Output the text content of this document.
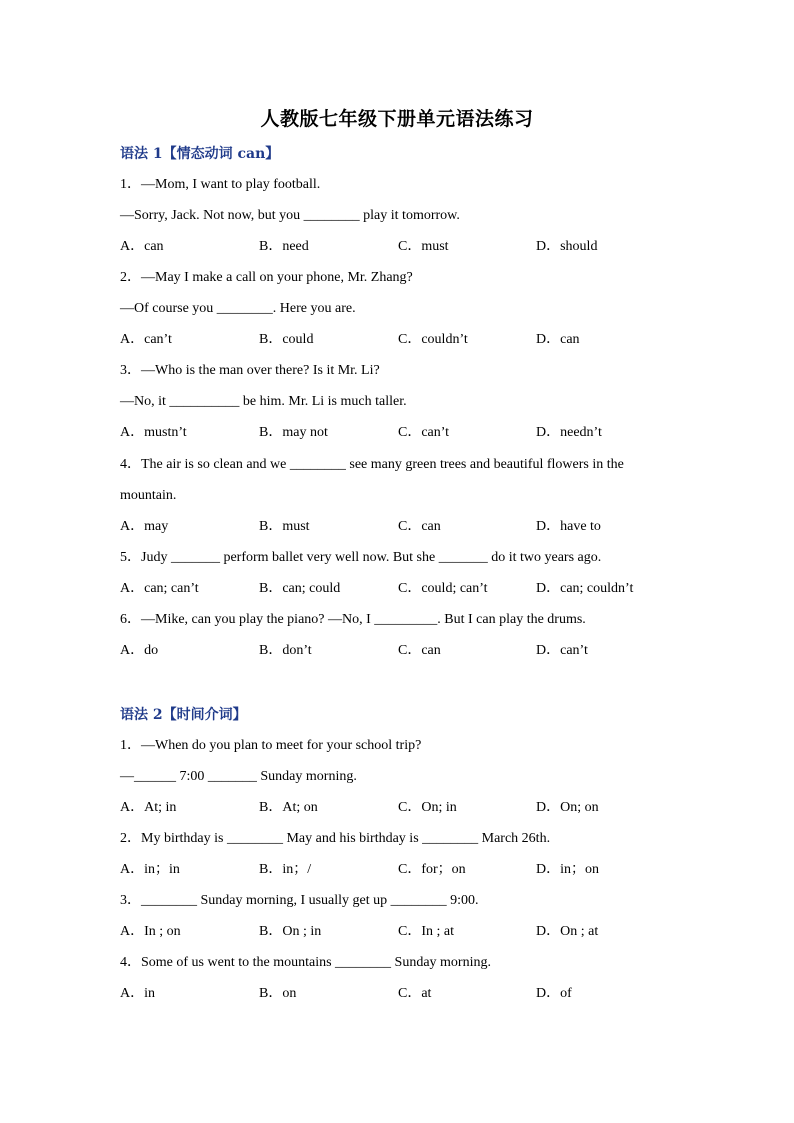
人教版七年级下册单元语法练习
语法 1【情态动词 can】
1．—Mom, I want to play football.
—Sorry, Jack. Not now, but you ________ play it tomorrow.
A．can	B．need	C．must	D．should
2．—May I make a call on your phone, Mr. Zhang?
—Of course you ________. Here you are.
A．can’t	B．could	C．couldn’t	D．can
3．—Who is the man over there? Is it Mr. Li?
—No, it __________ be him. Mr. Li is much taller.
A．mustn’t	B．may not	C．can’t	D．needn’t
4．The air is so clean and we ________ see many green trees and beautiful flowers in the mountain.
A．may	B．must	C．can	D．have to
5．Judy _______ perform ballet very well now. But she _______ do it two years ago.
A．can; can’t	B．can; could	C．could; can’t	D．can; couldn’t
6．—Mike, can you play the piano? —No, I _________. But I can play the drums.
A．do	B．don’t	C．can	D．can’t
语法 2【时间介词】
1．—When do you plan to meet for your school trip?
—______ 7:00 _______ Sunday morning.
A．At; in	B．At; on	C．On; in	D．On; on
2．My birthday is ________ May and his birthday is ________ March 26th.
A．in；in	B．in；/	C．for；on	D．in；on
3．________ Sunday morning, I usually get up ________ 9:00.
A．In ; on	B．On ; in	C．In ; at	D．On ; at
4．Some of us went to the mountains ________ Sunday morning.
A．in	B．on	C．at	D．of
